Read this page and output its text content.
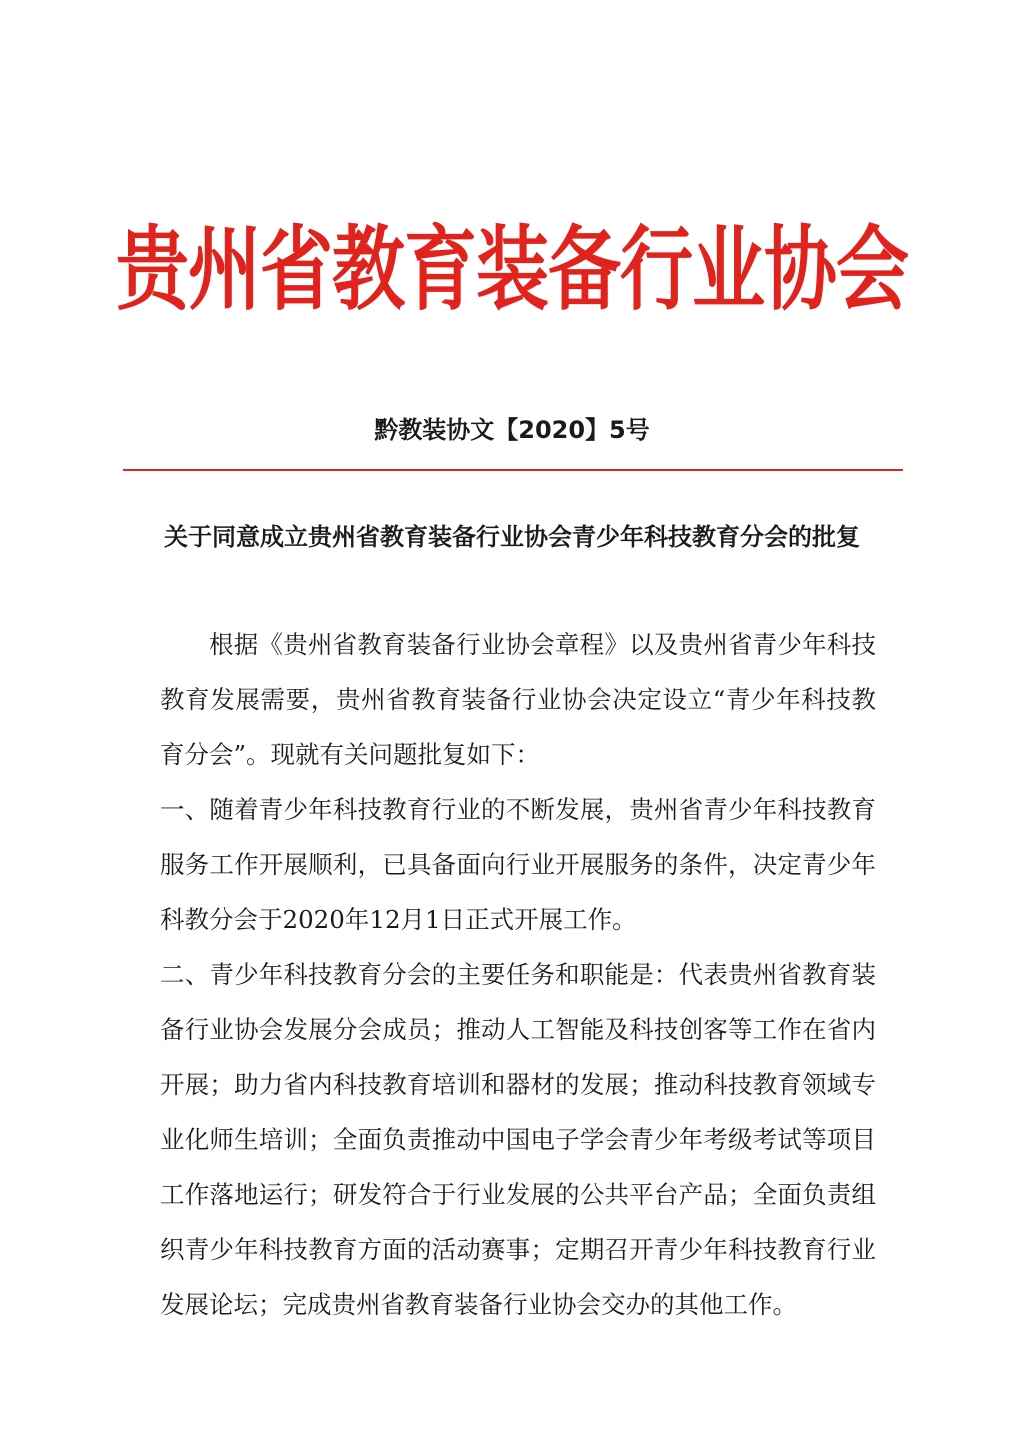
贵州省教育装备行业协会
黔教装协文【2020】5号
关于同意成立贵州省教育装备行业协会青少年科技教育分会的批复

根据《贵州省教育装备行业协会章程》以及贵州省青少年科技教育发展需要，贵州省教育装备行业协会决定设立“青少年科技教育分会”。现就有关问题批复如下：

一、随着青少年科技教育行业的不断发展，贵州省青少年科技教育服务工作开展顺利，已具备面向行业开展服务的条件，决定青少年科教分会于2020年12月1日正式开展工作。

二、青少年科技教育分会的主要任务和职能是：代表贵州省教育装备行业协会发展分会成员；推动人工智能及科技创客等工作在省内开展；助力省内科技教育培训和器材的发展；推动科技教育领域专业化师生培训；全面负责推动中国电子学会青少年考级考试等项目工作落地运行；研发符合于行业发展的公共平台产品；全面负责组织青少年科技教育方面的活动赛事；定期召开青少年科技教育行业发展论坛；完成贵州省教育装备行业协会交办的其他工作。
